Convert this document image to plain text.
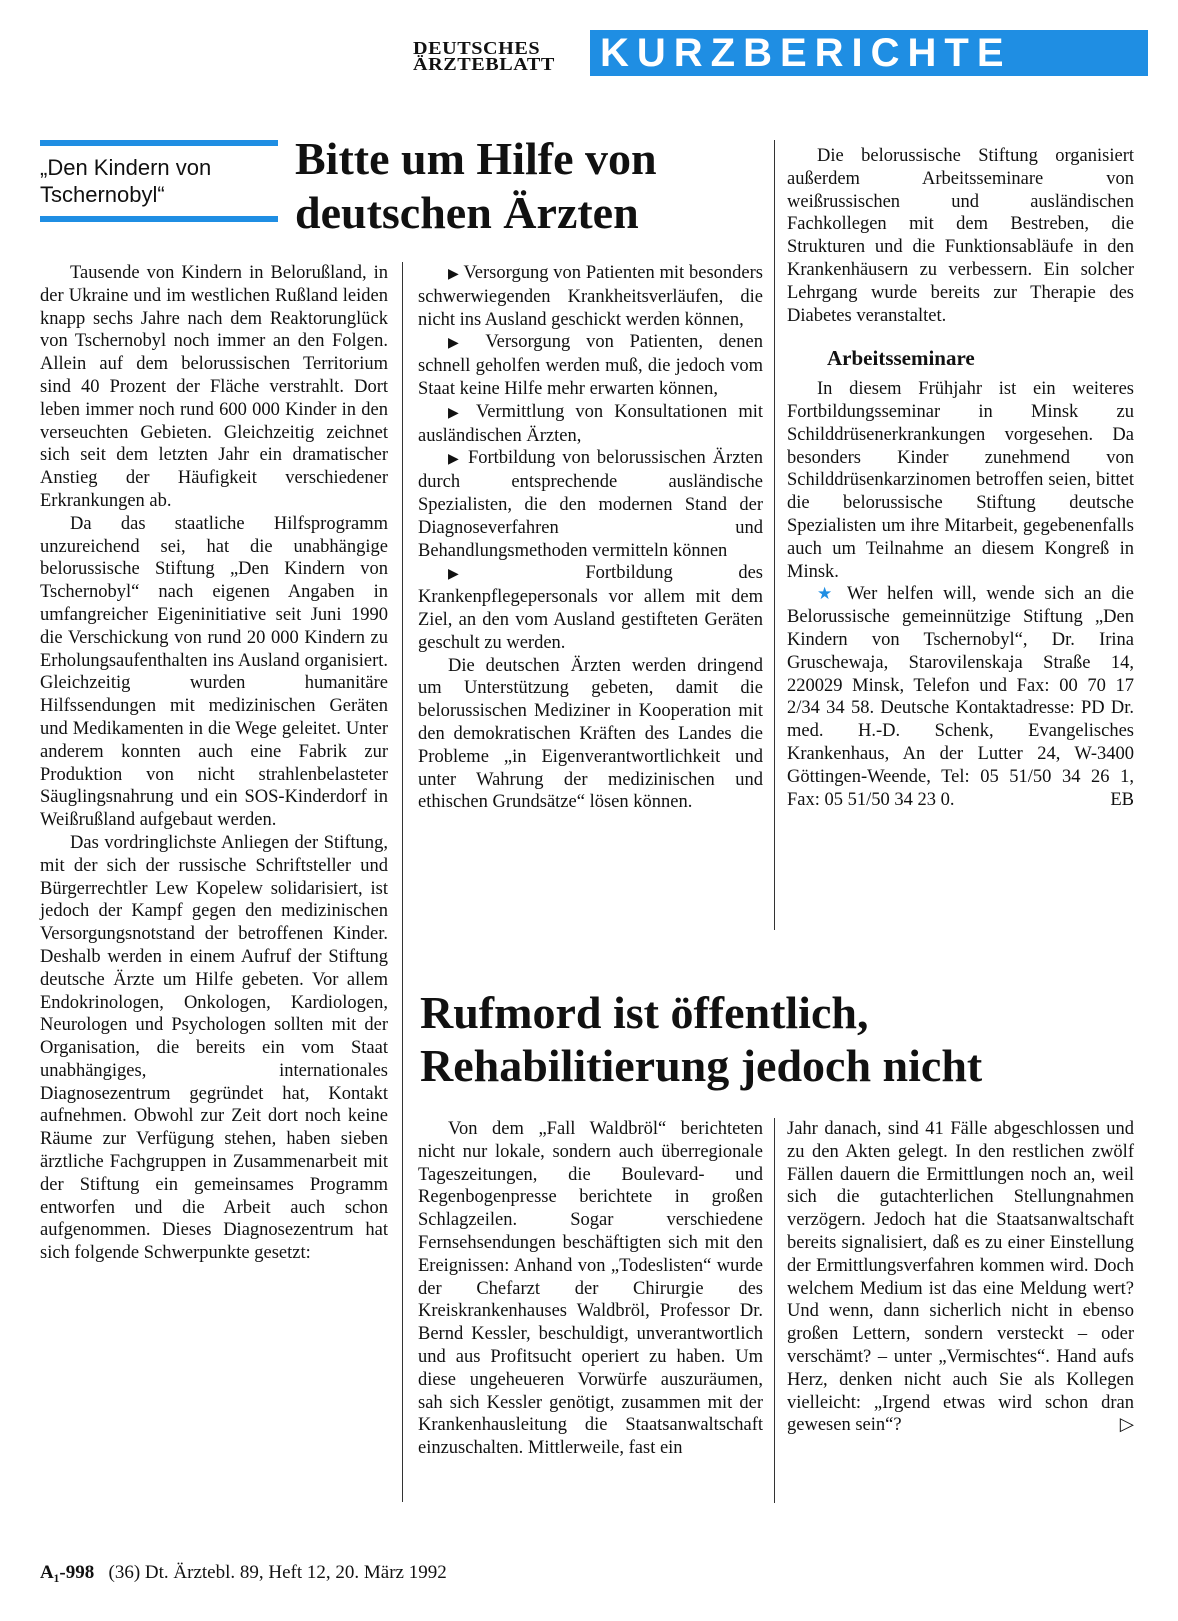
DEUTSCHES
ÄRZTEBLATT	KURZBERICHTE
„Den Kindern von Tschernobyl“
Bitte um Hilfe von deutschen Ärzten

Tausende von Kindern in Belorußland, in der Ukraine und im westlichen Rußland leiden knapp sechs Jahre nach dem Reaktorunglück von Tschernobyl noch immer an den Folgen. Allein auf dem belorussischen Territorium sind 40 Prozent der Fläche verstrahlt. Dort leben immer noch rund 600 000 Kinder in den verseuchten Gebieten. Gleichzeitig zeichnet sich seit dem letzten Jahr ein dramatischer Anstieg der Häufigkeit verschiedener Erkrankungen ab.

Da das staatliche Hilfsprogramm unzureichend sei, hat die unabhängige belorussische Stiftung „Den Kindern von Tschernobyl“ nach eigenen Angaben in umfangreicher Eigeninitiative seit Juni 1990 die Verschickung von rund 20 000 Kindern zu Erholungsaufenthalten ins Ausland organisiert. Gleichzeitig wurden humanitäre Hilfssendungen mit medizinischen Geräten und Medikamenten in die Wege geleitet. Unter anderem konnten auch eine Fabrik zur Produktion von nicht strahlenbelasteter Säuglingsnahrung und ein SOS-Kinderdorf in Weißrußland aufgebaut werden.

Das vordringlichste Anliegen der Stiftung, mit der sich der russische Schriftsteller und Bürgerrechtler Lew Kopelew solidarisiert, ist jedoch der Kampf gegen den medizinischen Versorgungsnotstand der betroffenen Kinder. Deshalb werden in einem Aufruf der Stiftung deutsche Ärzte um Hilfe gebeten. Vor allem Endokrinologen, Onkologen, Kardiologen, Neurologen und Psychologen sollten mit der Organisation, die bereits ein vom Staat unabhängiges, internationales Diagnosezentrum gegründet hat, Kontakt aufnehmen. Obwohl zur Zeit dort noch keine Räume zur Verfügung stehen, haben sieben ärztliche Fachgruppen in Zusammenarbeit mit der Stiftung ein gemeinsames Programm entworfen und die Arbeit auch schon aufgenommen. Dieses Diagnosezentrum hat sich folgende Schwerpunkte gesetzt:

▶ Versorgung von Patienten mit besonders schwerwiegenden Krankheitsverläufen, die nicht ins Ausland geschickt werden können,

▶ Versorgung von Patienten, denen schnell geholfen werden muß, die jedoch vom Staat keine Hilfe mehr erwarten können,

▶ Vermittlung von Konsultationen mit ausländischen Ärzten,

▶ Fortbildung von belorussischen Ärzten durch entsprechende ausländische Spezialisten, die den modernen Stand der Diagnoseverfahren und Behandlungsmethoden vermitteln können

▶	Fortbildung des Krankenpflegepersonals vor allem mit dem Ziel, an den vom Ausland gestifteten Geräten geschult zu werden.

Die deutschen Ärzten werden dringend um Unterstützung gebeten, damit die belorussischen Mediziner in Kooperation mit den demokratischen Kräften des Landes die Probleme „in Eigenverantwortlichkeit und unter Wahrung der medizinischen und ethischen Grundsätze“ lösen können.

Die belorussische Stiftung organisiert außerdem Arbeitsseminare von weißrussischen und ausländischen Fachkollegen mit dem Bestreben, die Strukturen und die Funktionsabläufe in den Krankenhäusern zu verbessern. Ein solcher Lehrgang wurde bereits zur Therapie des Diabetes veranstaltet.

Arbeitsseminare

In diesem Frühjahr ist ein weiteres Fortbildungsseminar in Minsk zu Schilddrüsenerkrankungen vorgesehen. Da besonders Kinder zunehmend von Schilddrüsenkarzinomen betroffen seien, bittet die belorussische Stiftung deutsche Spezialisten um ihre Mitarbeit, gegebenenfalls auch um Teilnahme an diesem Kongreß in Minsk.

★ Wer helfen will, wende sich an die Belorussische gemeinnützige Stiftung „Den Kindern von Tschernobyl“, Dr. Irina Gruschewaja, Starovilenskaja Straße 14, 220029 Minsk, Telefon und Fax: 00 70 17 2/34 34 58. Deutsche Kontaktadresse: PD Dr. med. H.-D. Schenk, Evangelisches Krankenhaus, An der Lutter 24, W-3400 Göttingen-Weende, Tel: 05 51/50 34 26 1, Fax: 05 51/50 34 23 0.	EB

Rufmord ist öffentlich, Rehabilitierung jedoch nicht

Von dem „Fall Waldbröl“ berichteten nicht nur lokale, sondern auch überregionale Tageszeitungen, die Boulevard- und Regenbogenpresse berichtete in großen Schlagzeilen. Sogar verschiedene Fernsehsendungen beschäftigten sich mit den Ereignissen: Anhand von „Todeslisten“ wurde der Chefarzt der Chirurgie des Kreiskrankenhauses Waldbröl, Professor Dr. Bernd Kessler, beschuldigt, unverantwortlich und aus Profitsucht operiert zu haben. Um diese ungeheueren Vorwürfe auszuräumen, sah sich Kessler genötigt, zusammen mit der Krankenhausleitung die Staatsanwaltschaft einzuschalten. Mittlerweile, fast ein

Jahr danach, sind 41 Fälle abgeschlossen und zu den Akten gelegt. In den restlichen zwölf Fällen dauern die Ermittlungen noch an, weil sich die gutachterlichen Stellungnahmen verzögern. Jedoch hat die Staatsanwaltschaft bereits signalisiert, daß es zu einer Einstellung der Ermittlungsverfahren kommen wird. Doch welchem Medium ist das eine Meldung wert? Und wenn, dann sicherlich nicht in ebenso großen Lettern, sondern versteckt – oder verschämt? – unter „Vermischtes“. Hand aufs Herz, denken nicht auch Sie als Kollegen vielleicht: „Irgend etwas wird schon dran gewesen sein“?	▷

A₁-998 (36) Dt. Ärztebl. 89, Heft 12, 20. März 1992
